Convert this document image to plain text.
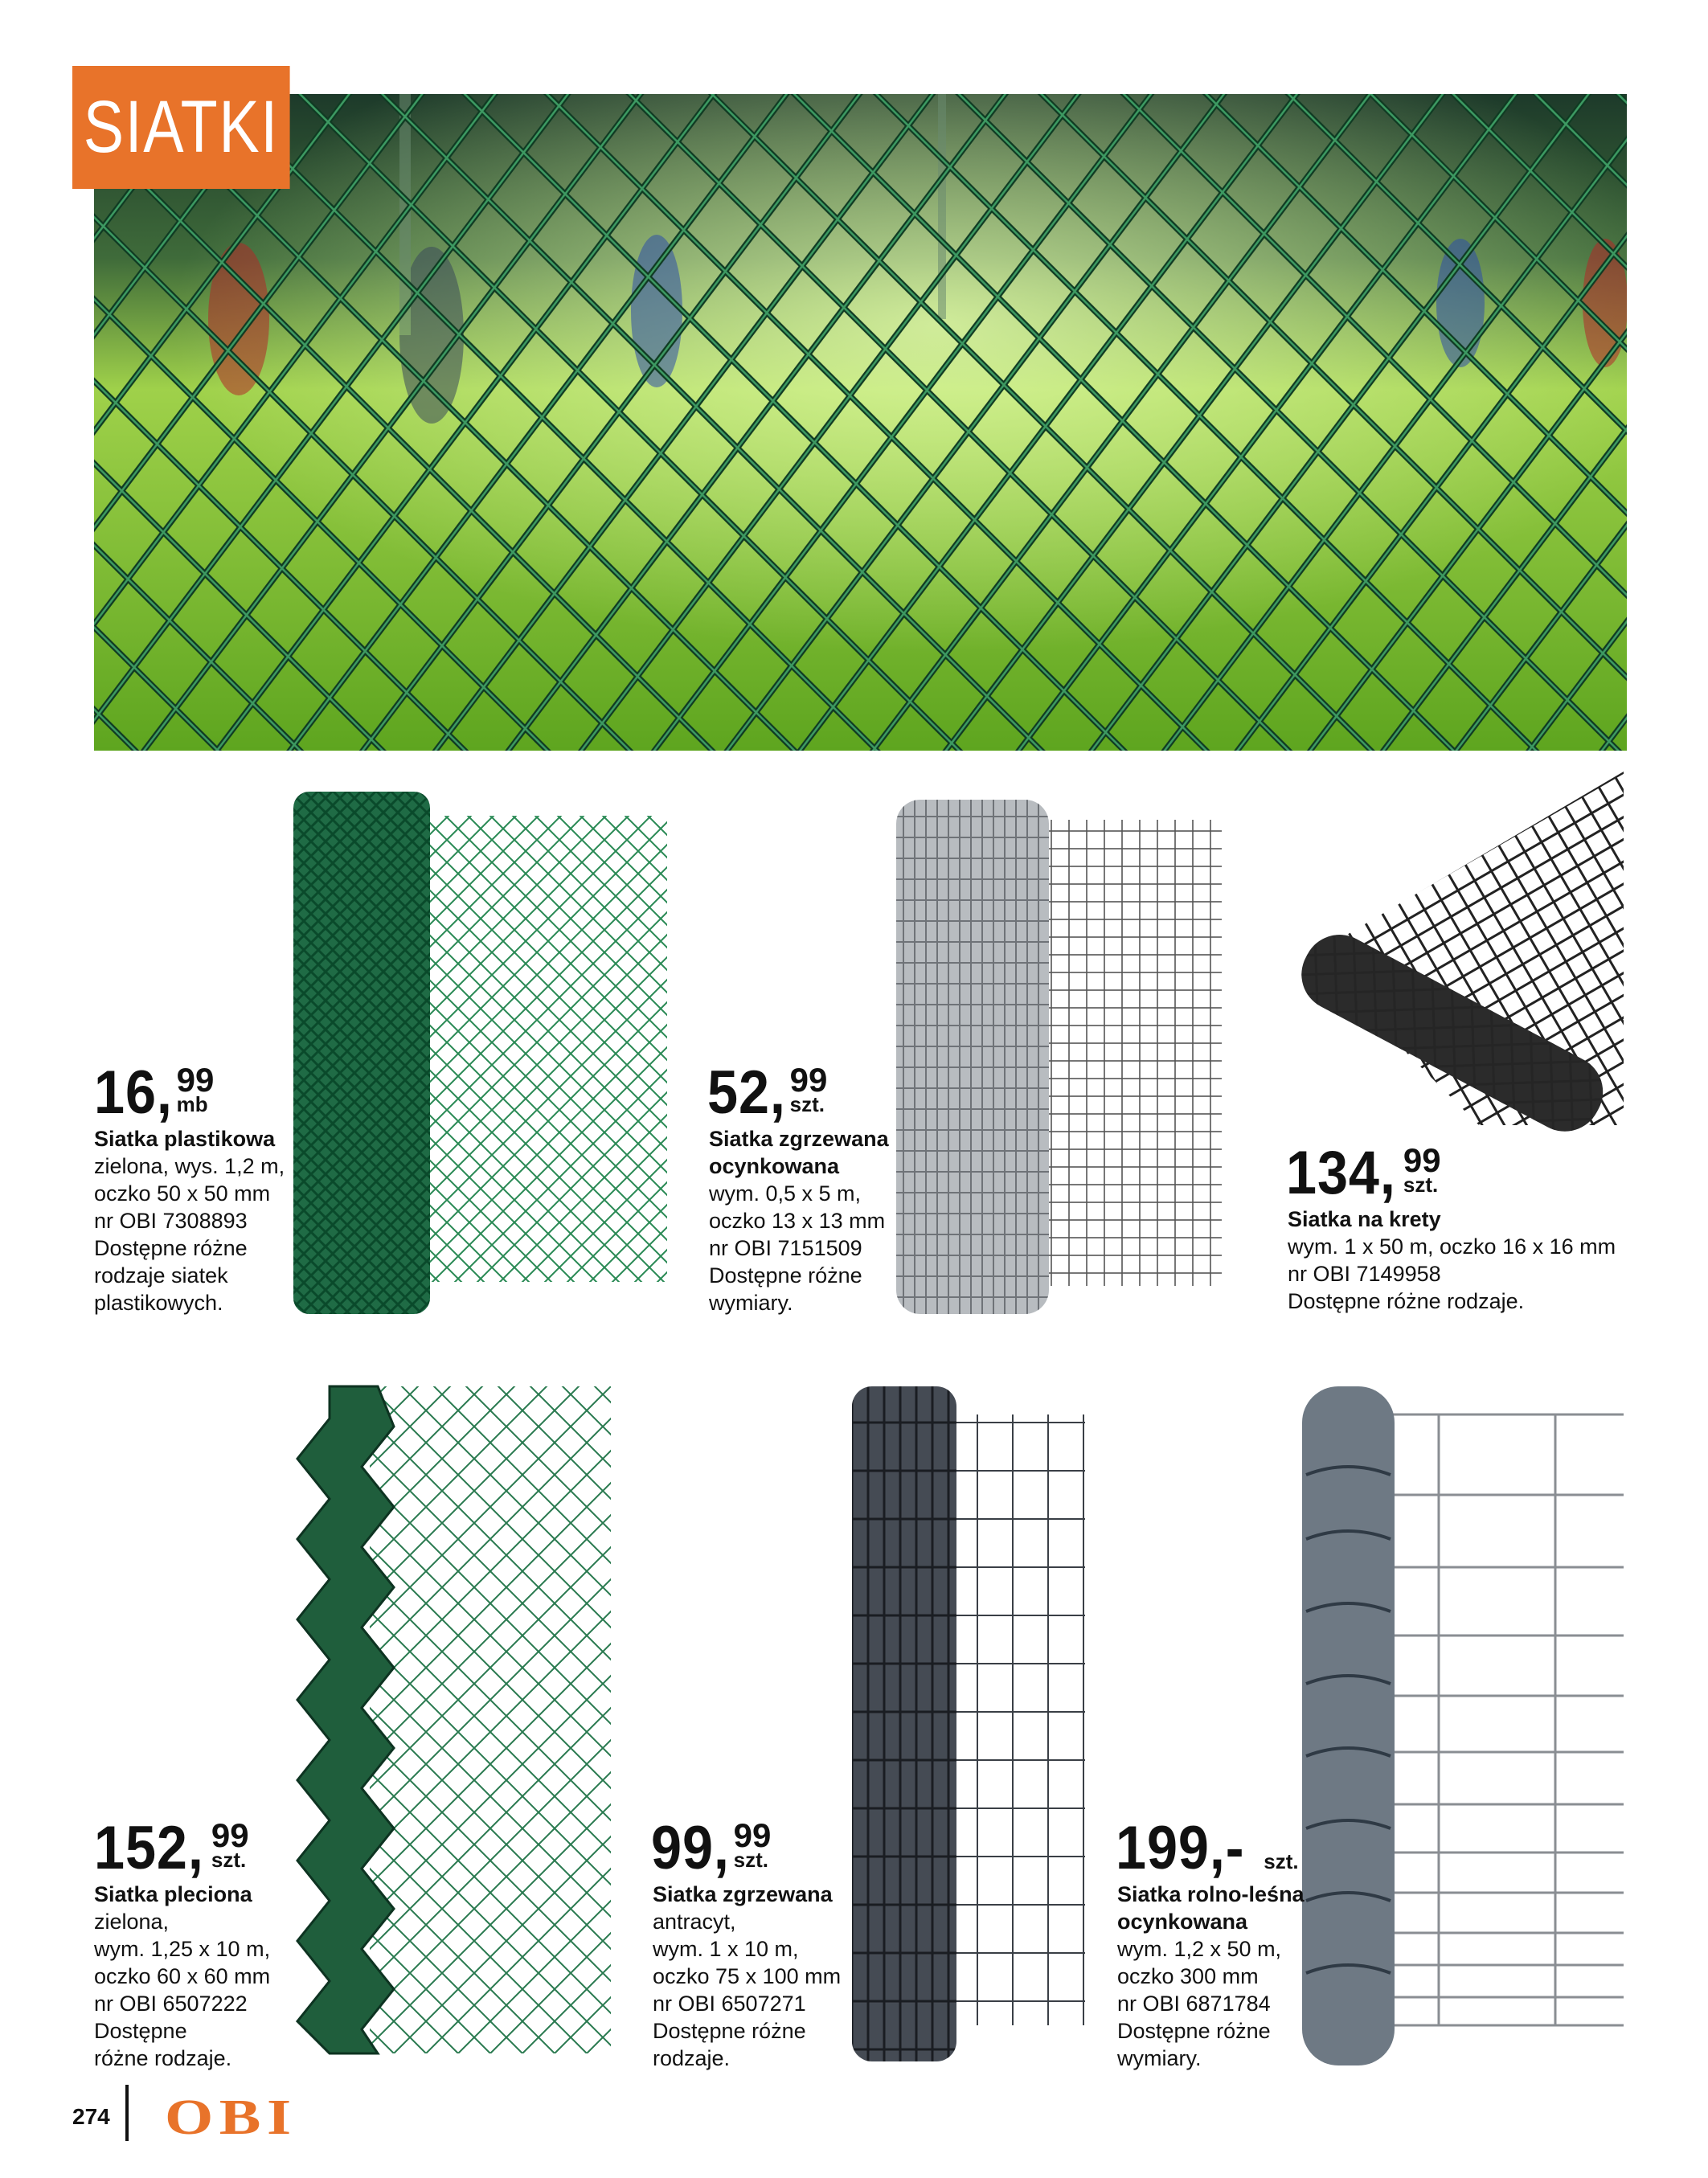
SIATKI
16, 99
mb
Siatka plastikowa
zielona, wys. 1,2 m,
oczko 50 x 50 mm
nr OBI 7308893
Dostępne różne
rodzaje siatek
plastikowych.
52, 99
szt.
Siatka zgrzewana
ocynkowana
wym. 0,5 x 5 m,
oczko 13 x 13 mm
nr OBI 7151509
Dostępne różne
wymiary.
134, 99
szt.
Siatka na krety
wym. 1 x 50 m, oczko 16 x 16 mm
nr OBI 7149958
Dostępne różne rodzaje.
152, 99
szt.
Siatka pleciona
zielona,
wym. 1,25 x 10 m,
oczko 60 x 60 mm
nr OBI 6507222
Dostępne
różne rodzaje.
99, 99
szt.
Siatka zgrzewana
antracyt,
wym. 1 x 10 m,
oczko 75 x 100 mm
nr OBI 6507271
Dostępne różne
rodzaje.
199,- szt.
Siatka rolno-leśna
ocynkowana
wym. 1,2 x 50 m,
oczko 300 mm
nr OBI 6871784
Dostępne różne
wymiary.
274 OBI
